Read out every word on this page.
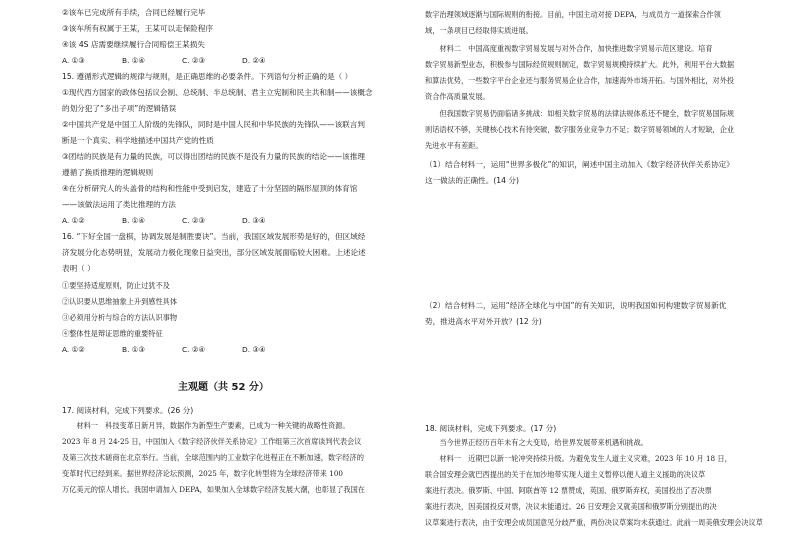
②该车已完成所有手续，合同已经履行完毕
③该车所有权属于王某，王某可以走保险程序
④该 4S 店需要继续履行合同赔偿王某损失
A. ①③	B. ①④	C. ②③	D. ②④
15. 遵循形式逻辑的规律与规则，是正确思维的必要条件。下列语句分析正确的是（ ）
①现代西方国家的政体包括议会制、总统制、半总统制、君主立宪制和民主共和制——该概念
的划分犯了“多出子项”的逻辑错误
②中国共产党是中国工人阶级的先锋队，同时是中国人民和中华民族的先锋队——该联言判
断是一个真实、科学地描述中国共产党的性质
③团结的民族是有力量的民族，可以得出团结的民族不是没有力量的民族的结论——该推理
遵循了换质推理的逻辑规则
④在分析研究人的头盖骨的结构和性能中受到启发，建造了十分坚固的隔形屋顶的体育馆
——该做法运用了类比推理的方法
A. ①②	B. ①④	C. ②③	D. ③④
16. “下好全国一盘棋，协调发展是制胜要诀”。当前，我国区域发展形势是好的，但区域经
济发展分化态势明显，发展动力极化现象日益突出，部分区域发展面临较大困难。上述论述
表明（ ）
①要坚持适度原则，防止过犹不及
②认识要从思维抽象上升到感性具体
③必须用分析与综合的方法认识事物
④整体性是辩证思维的重要特征
A. ①②	B. ①③	C. ②④	D. ③④
主观题（共 52 分）
17. 阅读材料，完成下列要求。(26 分)
　　材料一　科技变革日新月异，数据作为新型生产要素，已成为一种关键的战略性资源。
2023 年 8 月 24-25 日，中国加入《数字经济伙伴关系协定》工作组第三次首席谈判代表会议
及第三次技术磋商在北京举行。当前，全球范围内的工业数字化进程正在不断加速，数字经济的
变革时代已经到来。据世界经济论坛预测，2025 年，数字化转型将为全球经济带来 100
万亿美元的惊人增长。我国申请加入 DEPA，如果加入全球数字经济发展大潮，也彰显了我国在
数字治理领域逐渐与国际规则的衔接。目前，中国主动对接 DEPA，与成员方一道探索合作领
域，一条项目已经取得实质进展。
　　材料二　中国高度重视数字贸易发展与对外合作，加快推进数字贸易示范区建设。培育
数字贸易新型业态，积极参与国际经贸规则制定，数字贸易规模持续扩大。此外，利用平台大数据
和算法优势，一些数字平台企业还与服务贸易企业合作，加速海外市场开拓。与国外相比，对外投
资合作高质量发展。
　　但我国数字贸易仍面临诸多挑战：如相关数字贸易的法律法规体系还不健全，数字贸易国际规
则话语权不够，关键核心技术有待突破，数字服务业竞争力不足；数字贸易领域的人才短缺，企业
先进水平有差距。
（1）结合材料一，运用“世界多极化”的知识，阐述中国主动加入《数字经济伙伴关系协定》
这一做法的正确性。(14 分)
（2）结合材料二，运用“经济全球化与中国”的有关知识，说明我国如何构建数字贸易新优
势，推进高水平对外开放？(12 分)
18. 阅读材料，完成下列要求。(17 分)
　　当今世界正经历百年未有之大变局，给世界发展带来机遇和挑战。
　　材料一　近期巴以新一轮冲突持续升级。为避免发生人道主义灾难，2023 年 10 月 18 日，
联合国安理会就巴西提出的关于在加沙地带实现人道主义暂停以便人道主义援助的决议草
案进行表决。俄罗斯、中国、阿联酋等 12 票赞成，英国、俄罗斯弃权，美国投出了否决票
案进行表决，因美国投反对票，决议未能通过。26 日安理会又就美国和俄罗斯分别提出的决
议草案进行表决，由于安理会成员国意见分歧严重，两份决议草案均未获通过。此前一周美俄安理会决议草
